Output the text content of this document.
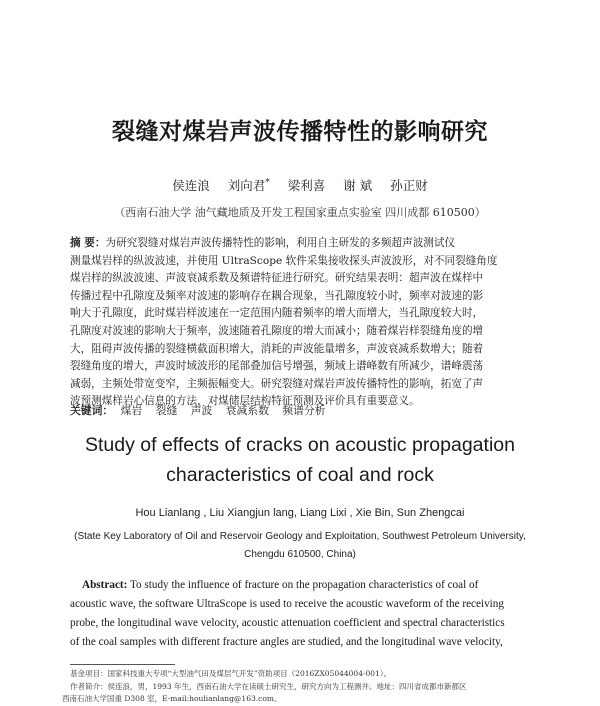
裂缝对煤岩声波传播特性的影响研究
侯连浪 刘向君* 梁利喜 谢 斌 孙正财
（西南石油大学 油气藏地质及开发工程国家重点实验室 四川成都 610500）
摘 要：为研究裂缝对煤岩声波传播特性的影响，利用自主研发的多频超声波测试仪
测量煤岩样的纵波波速，并使用 UltraScope 软件采集接收探头声波波形，对不同裂缝角度
煤岩样的纵波波速、声波衰减系数及频谱特征进行研究。研究结果表明：超声波在煤样中
传播过程中孔隙度及频率对波速的影响存在耦合现象，当孔隙度较小时，频率对波速的影
响大于孔隙度，此时煤岩样波速在一定范围内随着频率的增大而增大，当孔隙度较大时，
孔隙度对波速的影响大于频率，波速随着孔隙度的增大而减小；随着煤岩样裂缝角度的增
大，阻碍声波传播的裂缝横截面积增大，消耗的声波能量增多，声波衰减系数增大；随着
裂缝角度的增大，声波时域波形的尾部叠加信号增强，频域上谱峰数有所减少，谱峰震荡
减弱，主频处带宽变窄，主频振幅变大。研究裂缝对煤岩声波传播特性的影响，拓宽了声
波预测煤样岩心信息的方法，对煤储层结构特征预测及评价具有重要意义。
关键词： 煤岩 裂缝 声波 衰减系数 频谱分析
Study of effects of cracks on acoustic propagation
characteristics of coal and rock
Hou Lianlang , Liu Xiangjun lang, Liang Lixi , Xie Bin, Sun Zhengcai
(State Key Laboratory of Oil and Reservoir Geology and Exploitation, Southwest Petroleum University,
Chengdu 610500, China)
Abstract: To study the influence of fracture on the propagation characteristics of coal of
acoustic wave, the software UltraScope is used to receive the acoustic waveform of the receiving
probe, the longitudinal wave velocity, acoustic attenuation coefficient and spectral characteristics
of the coal samples with different fracture angles are studied, and the longitudinal wave velocity,
基金项目：国家科技重大专项“大型油气田及煤层气开发”资助项目（2016ZX05044004-001）。
作者简介：侯连浪，男，1993 年生，西南石油大学在读硕士研究生，研究方向为工程测井。地址：四川省成都市新都区
西南石油大学国重 D308 室，E-mail:houlianlang@163.com。
